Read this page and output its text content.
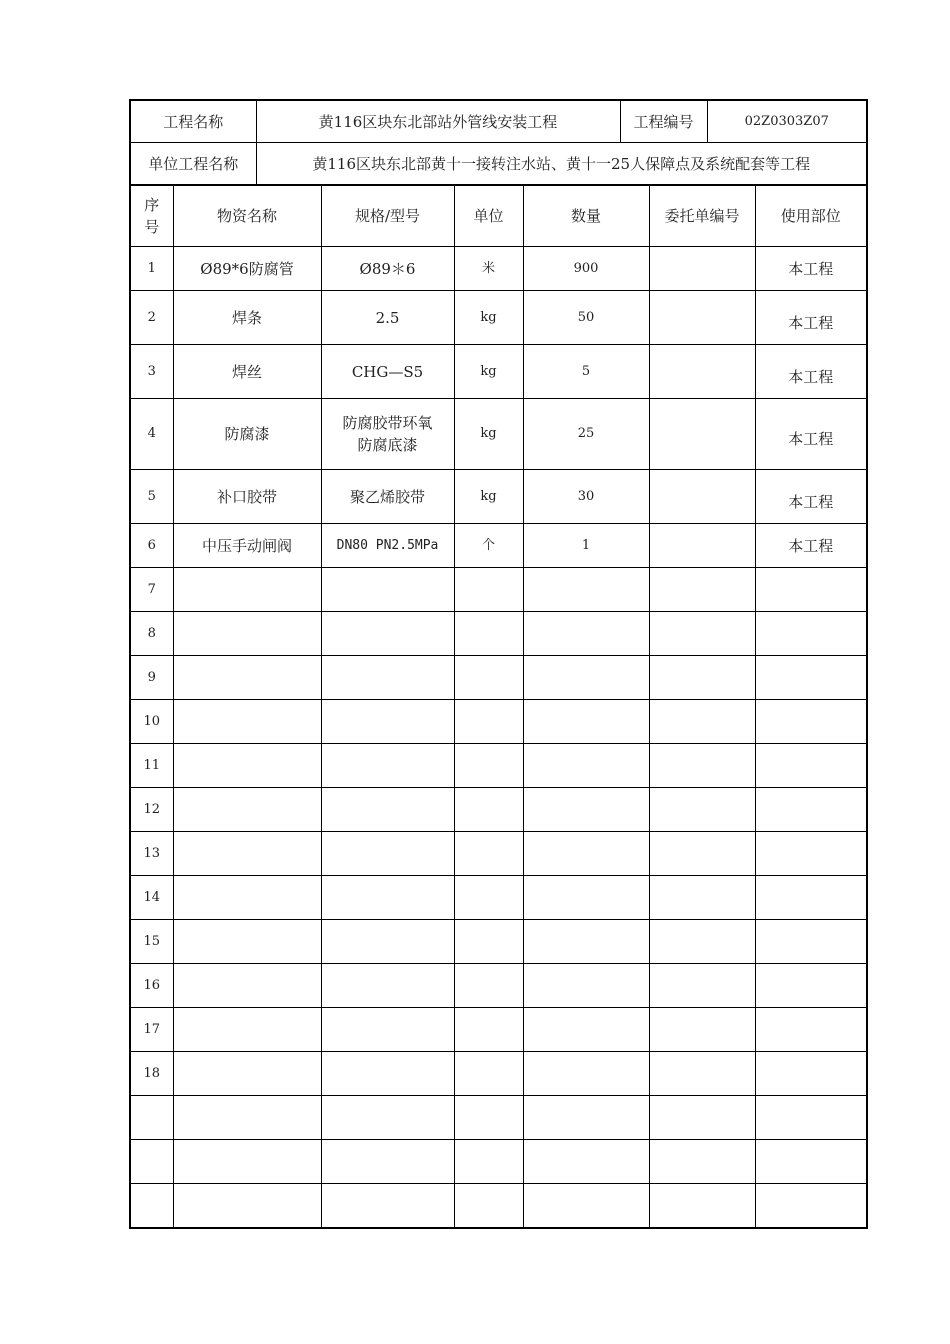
工程名称	黄116区块东北部站外管线安装工程	工程编号	02Z0303Z07
单位工程名称	黄116区块东北部黄十一接转注水站、黄十一25人保障点及系统配套等工程		
序号	物资名称	规格/型号	单位	数量	委托单编号	使用部位
1	Ø89*6防腐管	Ø89＊6	米	900		本工程
2	焊条	2.5	kg	50		本工程
3	焊丝	CHG—S5	kg	5		本工程
4	防腐漆	防腐胶带环氧防腐底漆	kg	25		本工程
5	补口胶带	聚乙烯胶带	kg	30		本工程
6	中压手动闸阀	DN80 PN2.5MPa	个	1		本工程
7						
8						
9						
10						
11						
12						
13						
14						
15						
16						
17						
18						
